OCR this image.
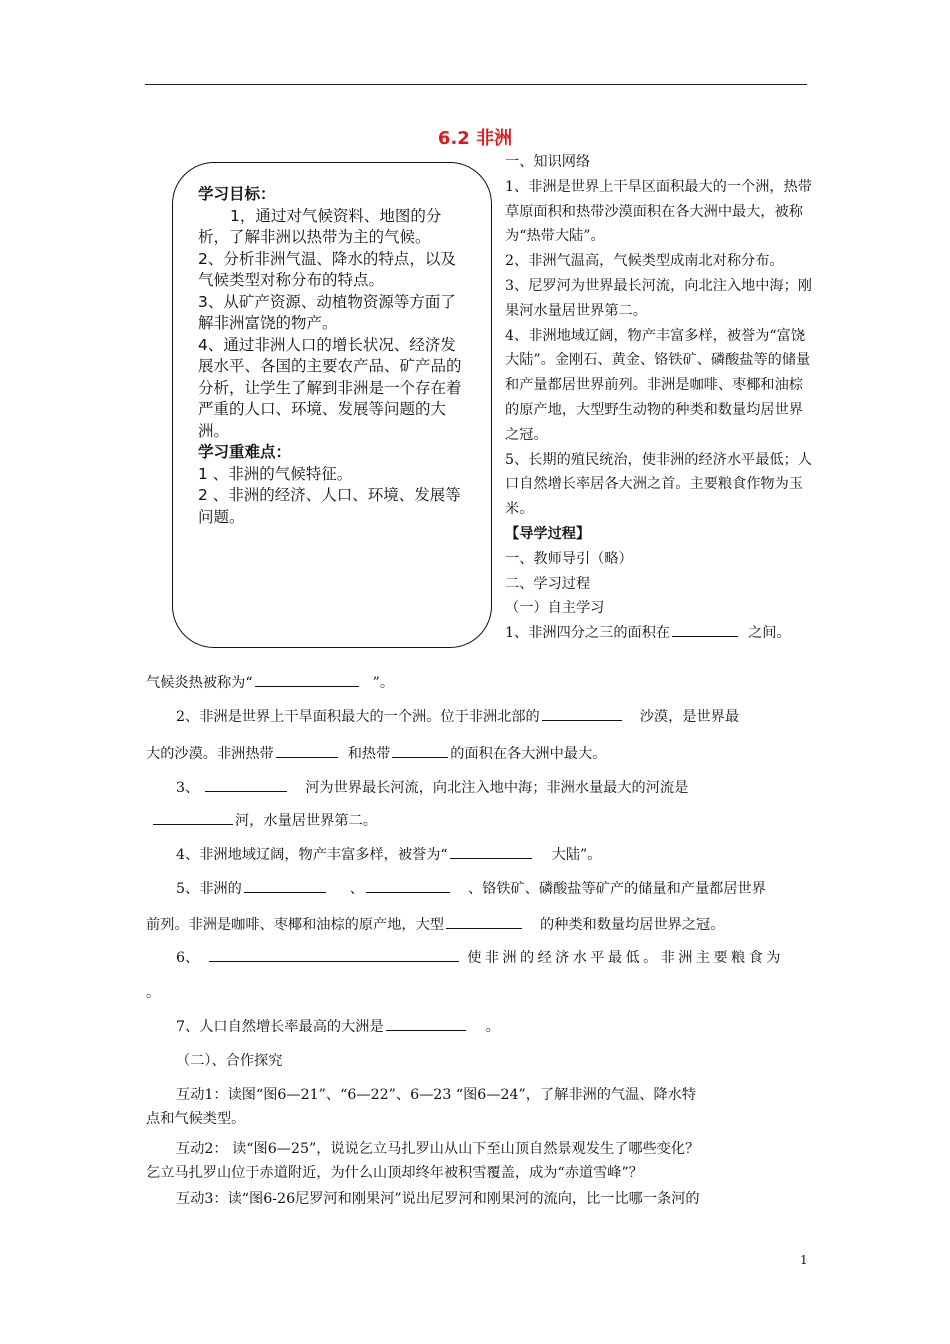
6.2 非洲

学习目标：

1，通过对气候资料、地图的分析，了解非洲以热带为主的气候。

2、分析非洲气温、降水的特点，以及气候类型对称分布的特点。

3、从矿产资源、动植物资源等方面了解非洲富饶的物产。

4、通过非洲人口的增长状况、经济发展水平、各国的主要农产品、矿产品的分析，让学生了解到非洲是一个存在着严重的人口、环境、发展等问题的大洲。

学习重难点：

1 、非洲的气候特征。

2 、非洲的经济、人口、环境、发展等问题。

一、知识网络

1、非洲是世界上干旱区面积最大的一个洲，热带草原面积和热带沙漠面积在各大洲中最大，被称为“热带大陆”。

2、非洲气温高，气候类型成南北对称分布。

3、尼罗河为世界最长河流，向北注入地中海；刚果河水量居世界第二。

4、非洲地域辽阔，物产丰富多样，被誉为“富饶大陆”。金刚石、黄金、铬铁矿、磷酸盐等的储量和产量都居世界前列。非洲是咖啡、枣椰和油棕的原产地，大型野生动物的种类和数量均居世界之冠。

5、长期的殖民统治，使非洲的经济水平最低；人口自然增长率居各大洲之首。主要粮食作物为玉米。

【导学过程】

一、教师导引（略）

二、学习过程

（一）自主学习

1、非洲四分之三的面积在	之间。

气候炎热被称为“	”。
2、非洲是世界上干旱面积最大的一个洲。位于非洲北部的	沙漠，是世界最
大的沙漠。非洲热带	和热带	的面积在各大洲中最大。
3、	河为世界最长河流，向北注入地中海；非洲水量最大的河流是
河，水量居世界第二。
4、非洲地域辽阔，物产丰富多样，被誉为“	大陆”。
5、非洲的	、	、铬铁矿、磷酸盐等矿产的储量和产量都居世界
前列。非洲是咖啡、枣椰和油棕的原产地，大型	的种类和数量均居世界之冠。
6、	使非洲的经济水平最低。非洲主要粮食为
。
7、人口自然增长率最高的大洲是	。
（二）、合作探究
互动1：读图“图6—21”、“6—22”、6—23 “图6—24”，了解非洲的气温、降水特
点和气候类型。
互动2： 读“图6—25”，说说乞立马扎罗山从山下至山顶自然景观发生了哪些变化？
乞立马扎罗山位于赤道附近，为什么山顶却终年被积雪覆盖，成为“赤道雪峰”？
互动3：读“图6-26尼罗河和刚果河”说出尼罗河和刚果河的流向，比一比哪一条河的
1
